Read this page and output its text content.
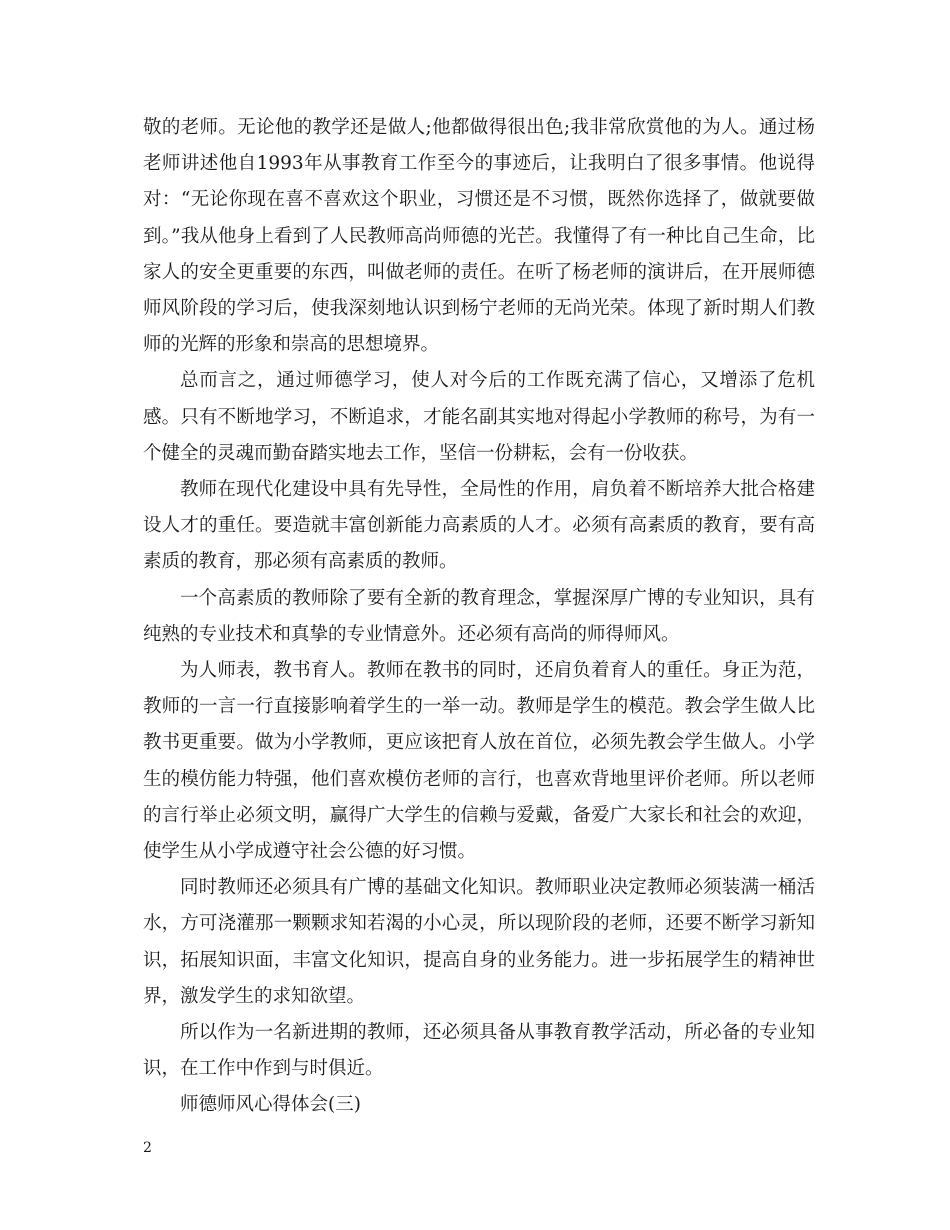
敬的老师。无论他的教学还是做人;他都做得很出色;我非常欣赏他的为人。通过杨老师讲述他自1993年从事教育工作至今的事迹后，让我明白了很多事情。他说得对：“无论你现在喜不喜欢这个职业，习惯还是不习惯，既然你选择了，做就要做到。”我从他身上看到了人民教师高尚师德的光芒。我懂得了有一种比自己生命，比家人的安全更重要的东西，叫做老师的责任。在听了杨老师的演讲后，在开展师德师风阶段的学习后，使我深刻地认识到杨宁老师的无尚光荣。体现了新时期人们教师的光辉的形象和崇高的思想境界。

总而言之，通过师德学习，使人对今后的工作既充满了信心，又增添了危机感。只有不断地学习，不断追求，才能名副其实地对得起小学教师的称号，为有一个健全的灵魂而勤奋踏实地去工作，坚信一份耕耘，会有一份收获。

教师在现代化建设中具有先导性，全局性的作用，肩负着不断培养大批合格建设人才的重任。要造就丰富创新能力高素质的人才。必须有高素质的教育，要有高素质的教育，那必须有高素质的教师。

一个高素质的教师除了要有全新的教育理念，掌握深厚广博的专业知识，具有纯熟的专业技术和真挚的专业情意外。还必须有高尚的师得师风。

为人师表，教书育人。教师在教书的同时，还肩负着育人的重任。身正为范，教师的一言一行直接影响着学生的一举一动。教师是学生的模范。教会学生做人比教书更重要。做为小学教师，更应该把育人放在首位，必须先教会学生做人。小学生的模仿能力特强，他们喜欢模仿老师的言行，也喜欢背地里评价老师。所以老师的言行举止必须文明，赢得广大学生的信赖与爱戴，备爱广大家长和社会的欢迎，使学生从小学成遵守社会公德的好习惯。

同时教师还必须具有广博的基础文化知识。教师职业决定教师必须装满一桶活水，方可浇灌那一颗颗求知若渴的小心灵，所以现阶段的老师，还要不断学习新知识，拓展知识面，丰富文化知识，提高自身的业务能力。进一步拓展学生的精神世界，激发学生的求知欲望。

所以作为一名新进期的教师，还必须具备从事教育教学活动，所必备的专业知识，在工作中作到与时俱近。

师德师风心得体会(三)

2
